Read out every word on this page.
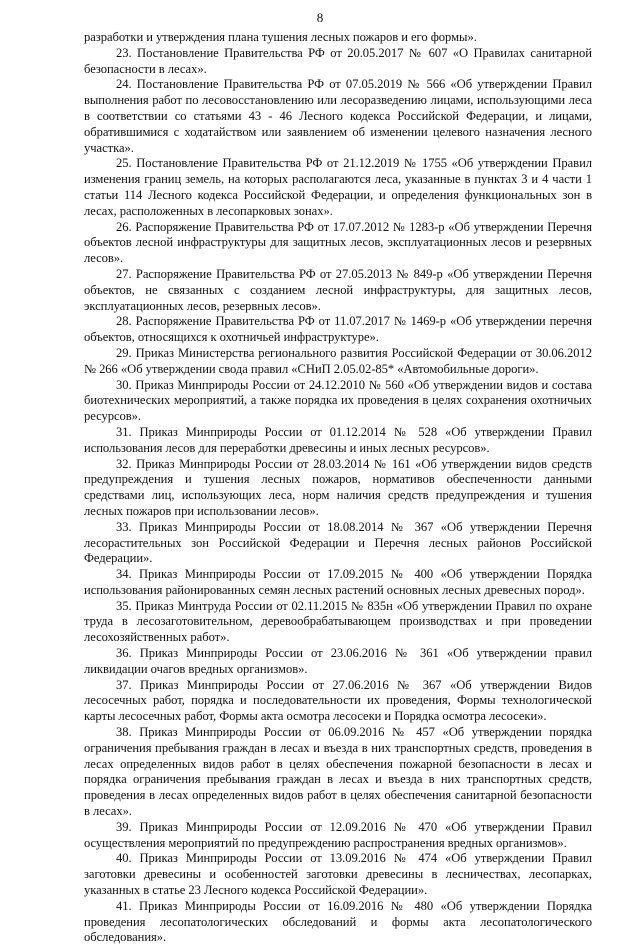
8

разработки и утверждения плана тушения лесных пожаров и его формы».

23. Постановление Правительства РФ от 20.05.2017 № 607 «О Правилах санитарной безопасности в лесах».

24. Постановление Правительства РФ от 07.05.2019 № 566 «Об утверждении Правил выполнения работ по лесовосстановлению или лесоразведению лицами, использующими леса в соответствии со статьями 43 - 46 Лесного кодекса Российской Федерации, и лицами, обратившимися с ходатайством или заявлением об изменении целевого назначения лесного участка».

25. Постановление Правительства РФ от 21.12.2019 № 1755 «Об утверждении Правил изменения границ земель, на которых располагаются леса, указанные в пунктах 3 и 4 части 1 статьи 114 Лесного кодекса Российской Федерации, и определения функциональных зон в лесах, расположенных в лесопарковых зонах».

26. Распоряжение Правительства РФ от 17.07.2012 № 1283-р «Об утверждении Перечня объектов лесной инфраструктуры для защитных лесов, эксплуатационных лесов и резервных лесов».

27. Распоряжение Правительства РФ от 27.05.2013 № 849-р «Об утверждении Перечня объектов, не связанных с созданием лесной инфраструктуры, для защитных лесов, эксплуатационных лесов, резервных лесов».

28. Распоряжение Правительства РФ от 11.07.2017 № 1469-р «Об утверждении перечня объектов, относящихся к охотничьей инфраструктуре».

29. Приказ Министерства регионального развития Российской Федерации от 30.06.2012 № 266 «Об утверждении свода правил «СНиП 2.05.02-85* «Автомобильные дороги».

30. Приказ Минприроды России от 24.12.2010 № 560 «Об утверждении видов и состава биотехнических мероприятий, а также порядка их проведения в целях сохранения охотничьих ресурсов».

31. Приказ Минприроды России от 01.12.2014 № 528 «Об утверждении Правил использования лесов для переработки древесины и иных лесных ресурсов».

32. Приказ Минприроды России от 28.03.2014 № 161 «Об утверждении видов средств предупреждения и тушения лесных пожаров, нормативов обеспеченности данными средствами лиц, использующих леса, норм наличия средств предупреждения и тушения лесных пожаров при использовании лесов».

33. Приказ Минприроды России от 18.08.2014 № 367 «Об утверждении Перечня лесорастительных зон Российской Федерации и Перечня лесных районов Российской Федерации».

34. Приказ Минприроды России от 17.09.2015 № 400 «Об утверждении Порядка использования районированных семян лесных растений основных лесных древесных пород».

35. Приказ Минтруда России от 02.11.2015 № 835н «Об утверждении Правил по охране труда в лесозаготовительном, деревообрабатывающем производствах и при проведении лесохозяйственных работ».

36. Приказ Минприроды России от 23.06.2016 № 361 «Об утверждении правил ликвидации очагов вредных организмов».

37. Приказ Минприроды России от 27.06.2016 № 367 «Об утверждении Видов лесосечных работ, порядка и последовательности их проведения, Формы технологической карты лесосечных работ, Формы акта осмотра лесосеки и Порядка осмотра лесосеки».

38. Приказ Минприроды России от 06.09.2016 № 457 «Об утверждении порядка ограничения пребывания граждан в лесах и въезда в них транспортных средств, проведения в лесах определенных видов работ в целях обеспечения пожарной безопасности в лесах и порядка ограничения пребывания граждан в лесах и въезда в них транспортных средств, проведения в лесах определенных видов работ в целях обеспечения санитарной безопасности в лесах».

39. Приказ Минприроды России от 12.09.2016 № 470 «Об утверждении Правил осуществления мероприятий по предупреждению распространения вредных организмов».

40. Приказ Минприроды России от 13.09.2016 № 474 «Об утверждении Правил заготовки древесины и особенностей заготовки древесины в лесничествах, лесопарках, указанных в статье 23 Лесного кодекса Российской Федерации».

41. Приказ Минприроды России от 16.09.2016 № 480 «Об утверждении Порядка проведения лесопатологических обследований и формы акта лесопатологического обследования».
